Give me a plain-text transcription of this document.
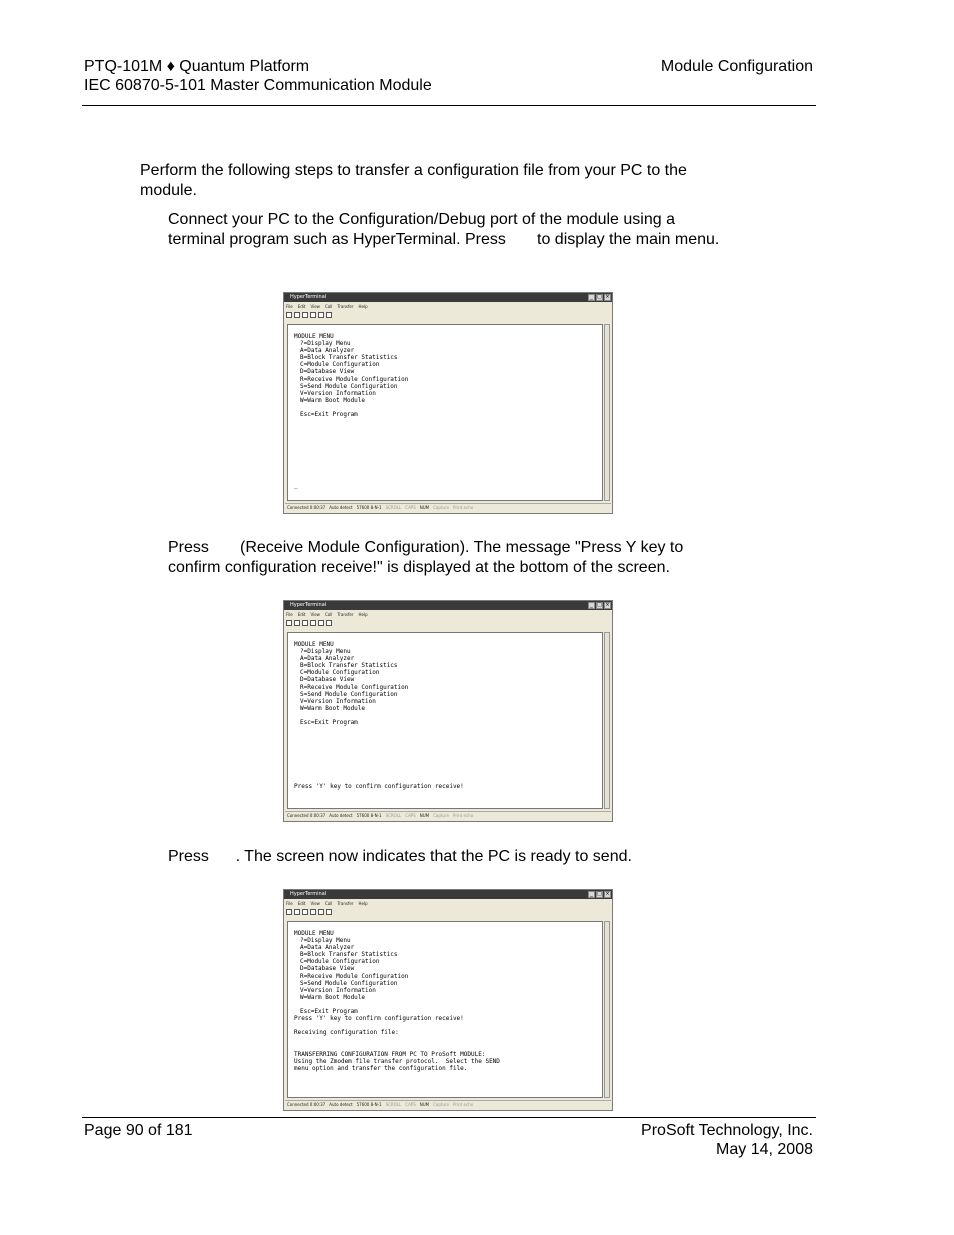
PTQ-101M ♦ Quantum Platform
IEC 60870-5-101 Master Communication Module
Module Configuration
Perform the following steps to transfer a configuration file from your PC to the module.
Connect your PC to the Configuration/Debug port of the module using a terminal program such as HyperTerminal. Press       to display the main menu.
HyperTerminal	_ □ ×
File Edit View Call Transfer Help
MODULE MENU
?=Display Menu
A=Data Analyzer
B=Block Transfer Statistics
C=Module Configuration
D=Database View
R=Receive Module Configuration
S=Send Module Configuration
V=Version Information
W=Warm Boot Module

Esc=Exit Program
_
Connected 0:00:37 Auto detect 57600 8-N-1 SCROLL CAPS NUM Capture Print echo
Press       (Receive Module Configuration). The message "Press Y key to confirm configuration receive!" is displayed at the bottom of the screen.
HyperTerminal	_ □ ×
File Edit View Call Transfer Help
MODULE MENU
?=Display Menu
A=Data Analyzer
B=Block Transfer Statistics
C=Module Configuration
D=Database View
R=Receive Module Configuration
S=Send Module Configuration
V=Version Information
W=Warm Boot Module

Esc=Exit Program
Press 'Y' key to confirm configuration receive!
Connected 0:00:37 Auto detect 57600 8-N-1 SCROLL CAPS NUM Capture Print echo
Press      . The screen now indicates that the PC is ready to send.
HyperTerminal	_ □ ×
File Edit View Call Transfer Help
MODULE MENU
?=Display Menu
A=Data Analyzer
B=Block Transfer Statistics
C=Module Configuration
D=Database View
R=Receive Module Configuration
S=Send Module Configuration
V=Version Information
W=Warm Boot Module

Esc=Exit Program
Press 'Y' key to confirm configuration receive!

Receiving configuration file:

TRANSFERRING CONFIGURATION FROM PC TO ProSoft MODULE:
Using the Zmodem file transfer protocol.  Select the SEND
menu option and transfer the configuration file.
Connected 0:00:37 Auto detect 57600 8-N-1 SCROLL CAPS NUM Capture Print echo
Page 90 of 181	ProSoft Technology, Inc.
May 14, 2008
